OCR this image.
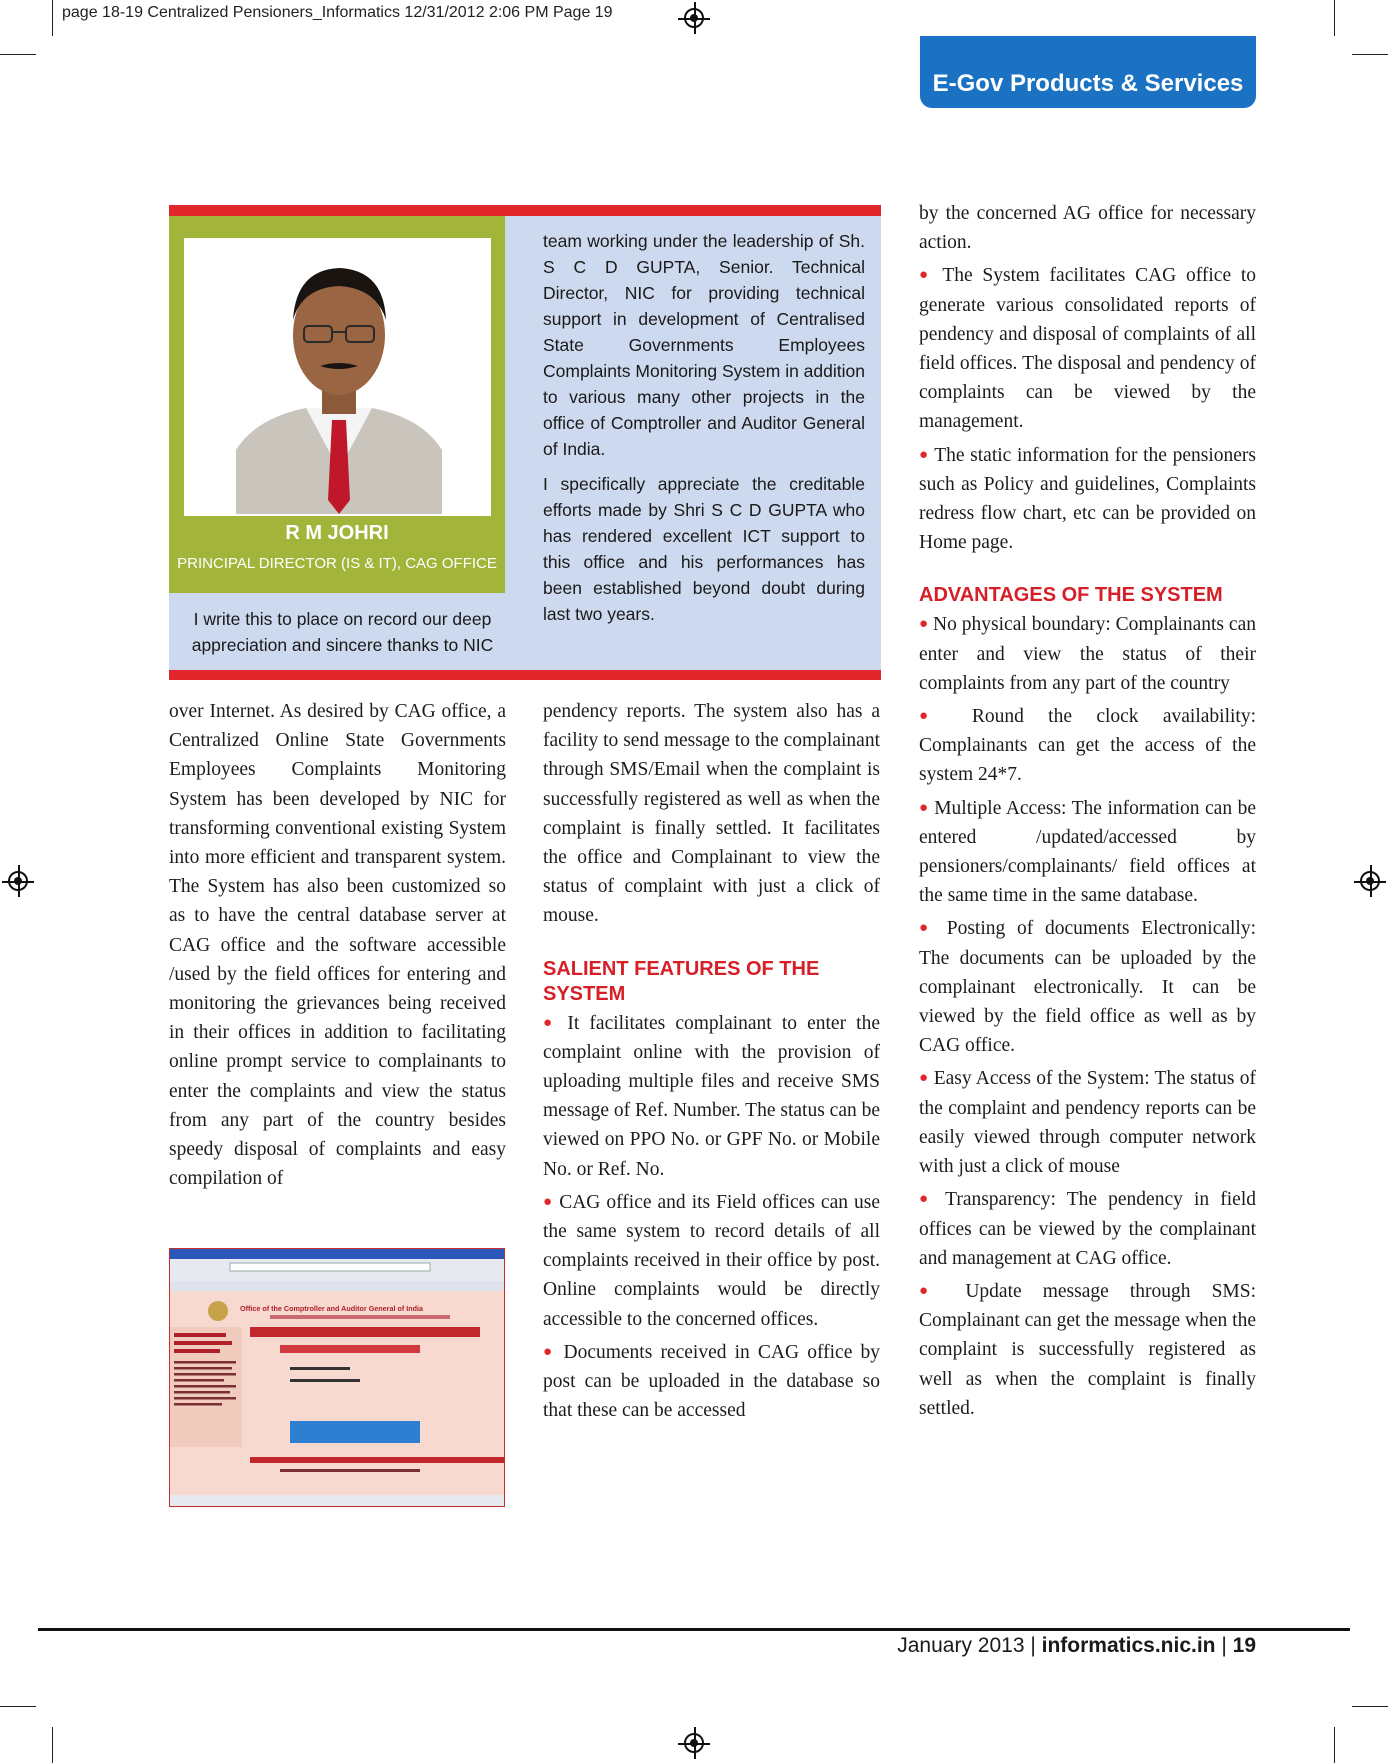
page 18-19 Centralized Pensioners_Informatics 12/31/2012 2:06 PM Page 19
E-Gov Products & Services
R M JOHRI
PRINCIPAL DIRECTOR (IS & IT), CAG OFFICE
I write this to place on record our deep appreciation and sincere thanks to NIC

team working under the leadership of Sh. S C D GUPTA, Senior. Technical Director, NIC for providing technical support in development of Centralised State Governments Employees Complaints Monitoring System in addition to various many other projects in the office of Comptroller and Auditor General of India.

I specifically appreciate the creditable efforts made by Shri S C D GUPTA who has rendered excellent ICT support to this office and his performances has been established beyond doubt during last two years.

over Internet. As desired by CAG office, a Centralized Online State Governments Employees Complaints Monitoring System has been developed by NIC for transforming conventional existing System into more efficient and transparent system. The System has also been customized so as to have the central database server at CAG office and the software accessible /used by the field offices for entering and monitoring the grievances being received in their offices in addition to facilitating online prompt service to complainants to enter the complaints and view the status from any part of the country besides speedy disposal of complaints and easy compilation of

Office of the Comptroller and Auditor General of India

pendency reports. The system also has a facility to send message to the complainant through SMS/Email when the complaint is successfully registered as well as when the complaint is finally settled. It facilitates the office and Complainant to view the status of complaint with just a click of mouse.

SALIENT FEATURES OF THE SYSTEM

● It facilitates complainant to enter the complaint online with the provision of uploading multiple files and receive SMS message of Ref. Number. The status can be viewed on PPO No. or GPF No. or Mobile No. or Ref. No.

● CAG office and its Field offices can use the same system to record details of all complaints received in their office by post. Online complaints would be directly accessible to the concerned offices.

● Documents received in CAG office by post can be uploaded in the database so that these can be accessed

by the concerned AG office for necessary action.

● The System facilitates CAG office to generate various consolidated reports of pendency and disposal of complaints of all field offices. The disposal and pendency of complaints can be viewed by the management.

● The static information for the pensioners such as Policy and guidelines, Complaints redress flow chart, etc can be provided on Home page.

ADVANTAGES OF THE SYSTEM

● No physical boundary: Complainants can enter and view the status of their complaints from any part of the country

● Round the clock availability: Complainants can get the access of the system 24*7.

● Multiple Access: The information can be entered /updated/accessed by pensioners/complainants/ field offices at the same time in the same database.

● Posting of documents Electronically: The documents can be uploaded by the complainant electronically. It can be viewed by the field office as well as by CAG office.

● Easy Access of the System: The status of the complaint and pendency reports can be easily viewed through computer network with just a click of mouse

● Transparency: The pendency in field offices can be viewed by the complainant and management at CAG office.

● Update message through SMS: Complainant can get the message when the complaint is successfully registered as well as when the complaint is finally settled.

January 2013 | informatics.nic.in | 19
